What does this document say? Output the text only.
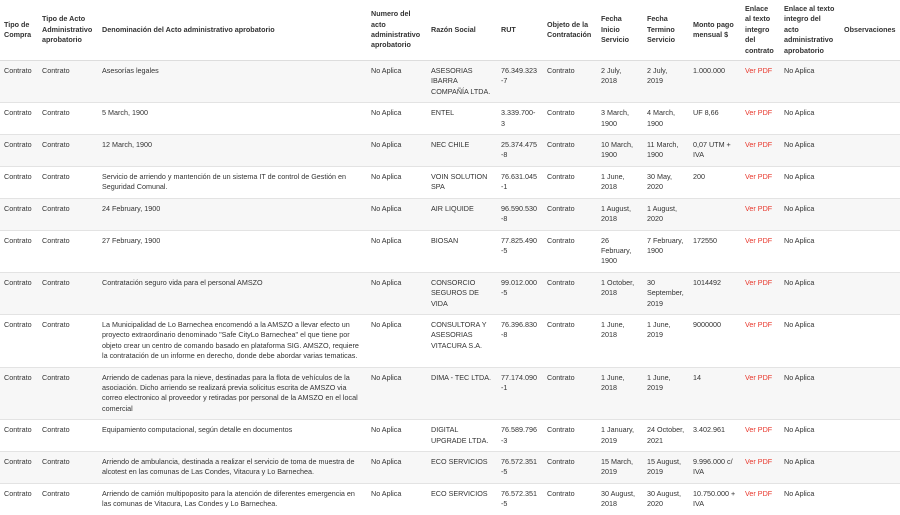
Tipo de Compra	Tipo de Acto Administrativo aprobatorio	Denominación del Acto administrativo aprobatorio	Numero del acto administrativo aprobatorio	Razón Social	RUT	Objeto de la Contratación	Fecha Inicio Servicio	Fecha Termino Servicio	Monto pago mensual $	Enlace al texto integro del contrato	Enlace al texto integro del acto administrativo aprobatorio	Observaciones
Contrato	Contrato	Asesorías legales	No Aplica	ASESORIAS IBARRA COMPAÑÍA LTDA.	76.349.323-7	Contrato	2 July, 2018	2 July, 2019	1.000.000	Ver PDF	No Aplica	
Contrato	Contrato	5 March, 1900	No Aplica	ENTEL	3.339.700-3	Contrato	3 March, 1900	4 March, 1900	UF 8,66	Ver PDF	No Aplica	
Contrato	Contrato	12 March, 1900	No Aplica	NEC CHILE	25.374.475-8	Contrato	10 March, 1900	11 March, 1900	0,07 UTM + IVA	Ver PDF	No Aplica	
Contrato	Contrato	Servicio de arriendo y mantención de un sistema IT de control de Gestión en Seguridad Comunal.	No Aplica	VOIN SOLUTION SPA	76.631.045-1	Contrato	1 June, 2018	30 May, 2020	200	Ver PDF	No Aplica	
Contrato	Contrato	24 February, 1900	No Aplica	AIR LIQUIDE	96.590.530-8	Contrato	1 August, 2018	1 August, 2020		Ver PDF	No Aplica	
Contrato	Contrato	27 February, 1900	No Aplica	BIOSAN	77.825.490-5	Contrato	26 February, 1900	7 February, 1900	172550	Ver PDF	No Aplica	
Contrato	Contrato	Contratación seguro vida para el personal AMSZO	No Aplica	CONSORCIO SEGUROS DE VIDA	99.012.000-5	Contrato	1 October, 2018	30 September, 2019	1014492	Ver PDF	No Aplica	
Contrato	Contrato	La Municipalidad de Lo Barnechea encomendó a la AMSZO a llevar efecto un proyecto extraordinario denominado "Safe CityLo Barnechea" el que tiene por objeto crear un centro de comando basado en plataforma SIG. AMSZO, requiere la contratación de un informe en derecho, donde debe abordar varias tematicas.	No Aplica	CONSULTORA Y ASESORIAS VITACURA S.A.	76.396.830-8	Contrato	1 June, 2018	1 June, 2019	9000000	Ver PDF	No Aplica	
Contrato	Contrato	Arriendo de cadenas para la nieve, destinadas para la flota de vehículos de la asociación. Dicho arriendo se realizará previa solicitus escrita de AMSZO via correo electronico al proveedor y retiradas por personal de la AMSZO en el local comercial	No Aplica	DIMA - TEC LTDA.	77.174.090-1	Contrato	1 June, 2018	1 June, 2019	14	Ver PDF	No Aplica	
Contrato	Contrato	Equipamiento computacional, según detalle en documentos	No Aplica	DIGITAL UPGRADE LTDA.	76.589.796-3	Contrato	1 January, 2019	24 October, 2021	3.402.961	Ver PDF	No Aplica	
Contrato	Contrato	Arriendo de ambulancia, destinada a realizar el servicio de toma de muestra de alcotest en las comunas de Las Condes, Vitacura y Lo Barnechea.	No Aplica	ECO SERVICIOS	76.572.351-5	Contrato	15 March, 2019	15 August, 2019	9.996.000 c/ IVA	Ver PDF	No Aplica	
Contrato	Contrato	Arriendo de camión multipoposito para la atención de diferentes emergencia en las comunas de Vitacura, Las Condes y Lo Barnechea.	No Aplica	ECO SERVICIOS	76.572.351-5	Contrato	30 August, 2018	30 August, 2020	10.750.000 + IVA	Ver PDF	No Aplica	
